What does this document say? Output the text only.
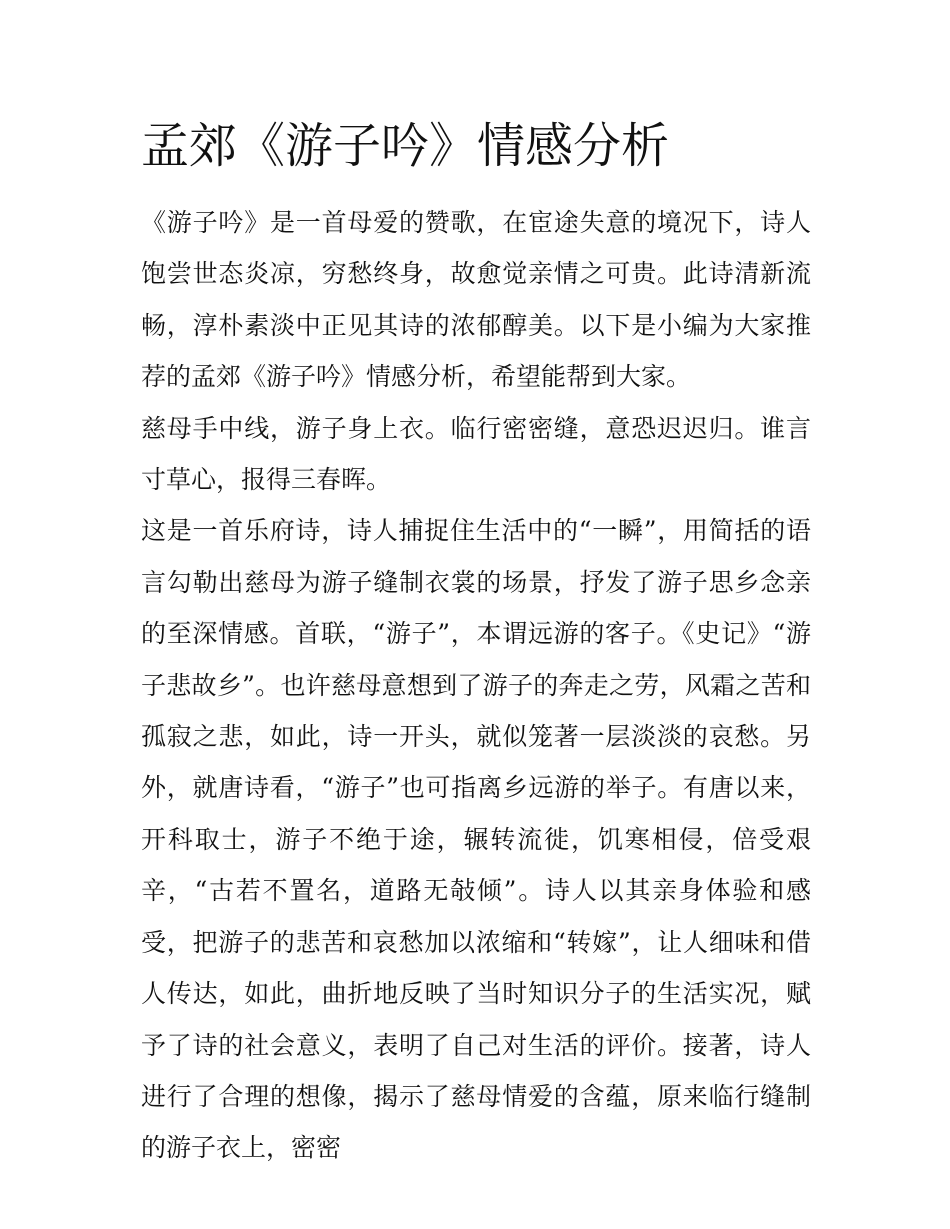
孟郊《游子吟》情感分析

《游子吟》是一首母爱的赞歌，在宦途失意的境况下，诗人饱尝世态炎凉，穷愁终身，故愈觉亲情之可贵。此诗清新流畅，淳朴素淡中正见其诗的浓郁醇美。以下是小编为大家推荐的孟郊《游子吟》情感分析，希望能帮到大家。

慈母手中线，游子身上衣。临行密密缝，意恐迟迟归。谁言寸草心，报得三春晖。

这是一首乐府诗，诗人捕捉住生活中的“一瞬”，用简括的语言勾勒出慈母为游子缝制衣裳的场景，抒发了游子思乡念亲的至深情感。首联，“游子”，本谓远游的客子。《史记》“游子悲故乡”。也许慈母意想到了游子的奔走之劳，风霜之苦和孤寂之悲，如此，诗一开头，就似笼著一层淡淡的哀愁。另外，就唐诗看，“游子”也可指离乡远游的举子。有唐以来，开科取士，游子不绝于途，辗转流徙，饥寒相侵，倍受艰辛，“古若不置名，道路无敧倾”。诗人以其亲身体验和感受，把游子的悲苦和哀愁加以浓缩和“转嫁”，让人细味和借人传达，如此，曲折地反映了当时知识分子的生活实况，赋予了诗的社会意义，表明了自己对生活的评价。接著，诗人进行了合理的想像，揭示了慈母情爱的含蕴，原来临行缝制的游子衣上，密密
